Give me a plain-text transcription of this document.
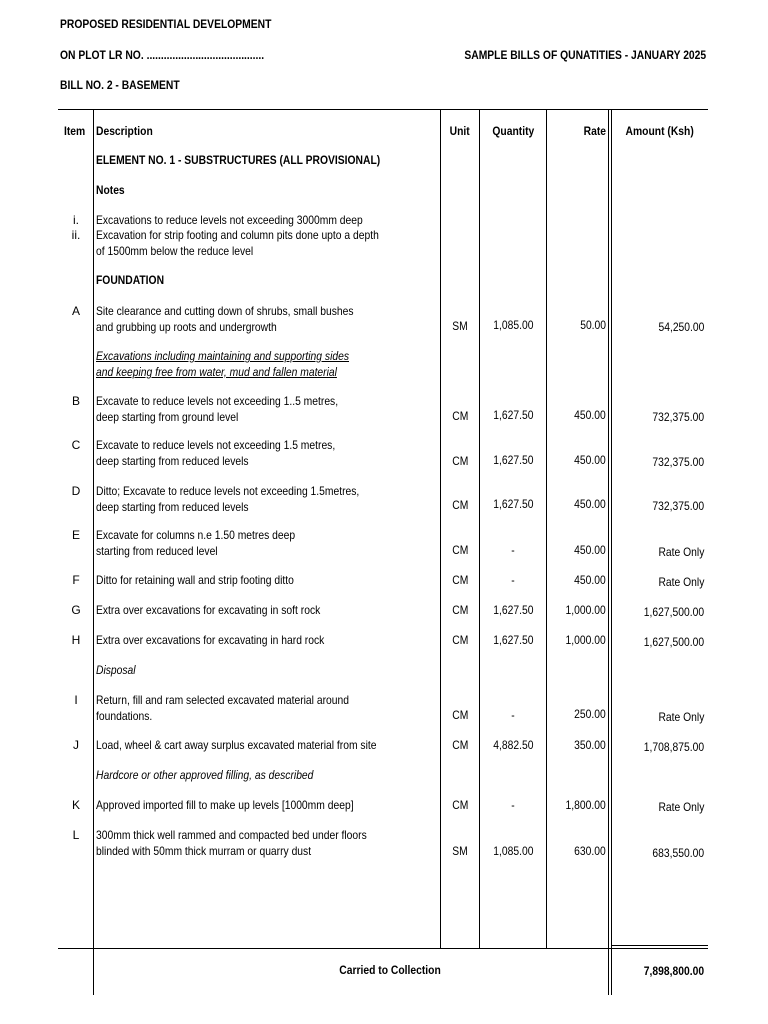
PROPOSED RESIDENTIAL DEVELOPMENT
ON PLOT LR NO. .........................................
BILL NO. 2 - BASEMENT
SAMPLE BILLS OF QUNATITIES - JANUARY 2025
Item Description	Unit	Quantity	Rate	Amount (Ksh)
ELEMENT NO. 1 - SUBSTRUCTURES (ALL PROVISIONAL)
Notes
i.	Excavations to reduce levels not exceeding 3000mm deep
ii.	Excavation for strip footing and column pits done upto a depth
of 1500mm below the reduce level
FOUNDATION
A	Site clearance and cutting down of shrubs, small bushes
and grubbing up roots and undergrowth	SM	1,085.00	50.00	54,250.00
Excavations including maintaining and supporting sides
and keeping free from water, mud and fallen material
B	Excavate to reduce levels not exceeding 1..5 metres,
deep starting from ground level	CM	1,627.50	450.00	732,375.00
C	Excavate to reduce levels not exceeding 1.5 metres,
deep starting from reduced levels	CM	1,627.50	450.00	732,375.00
D	Ditto; Excavate to reduce levels not exceeding 1.5metres,
deep starting from reduced levels	CM	1,627.50	450.00	732,375.00
E	Excavate for columns n.e 1.50 metres deep
starting from reduced level	CM	-	450.00	Rate Only
F	Ditto for retaining wall and strip footing ditto	CM	-	450.00	Rate Only
G	Extra over excavations for excavating in soft rock	CM	1,627.50	1,000.00	1,627,500.00
H	Extra over excavations for excavating in hard rock	CM	1,627.50	1,000.00	1,627,500.00
Disposal
I	Return, fill and ram selected excavated material around
foundations.	CM	-	250.00	Rate Only
J	Load, wheel & cart away surplus excavated material from site	CM	4,882.50	350.00	1,708,875.00
Hardcore or other approved filling, as described
K	Approved imported fill to make up levels [1000mm deep]	CM	-	1,800.00	Rate Only
L	300mm thick well rammed and compacted bed under floors
blinded with 50mm thick murram or quarry dust	SM	1,085.00	630.00	683,550.00
Carried to Collection	7,898,800.00
